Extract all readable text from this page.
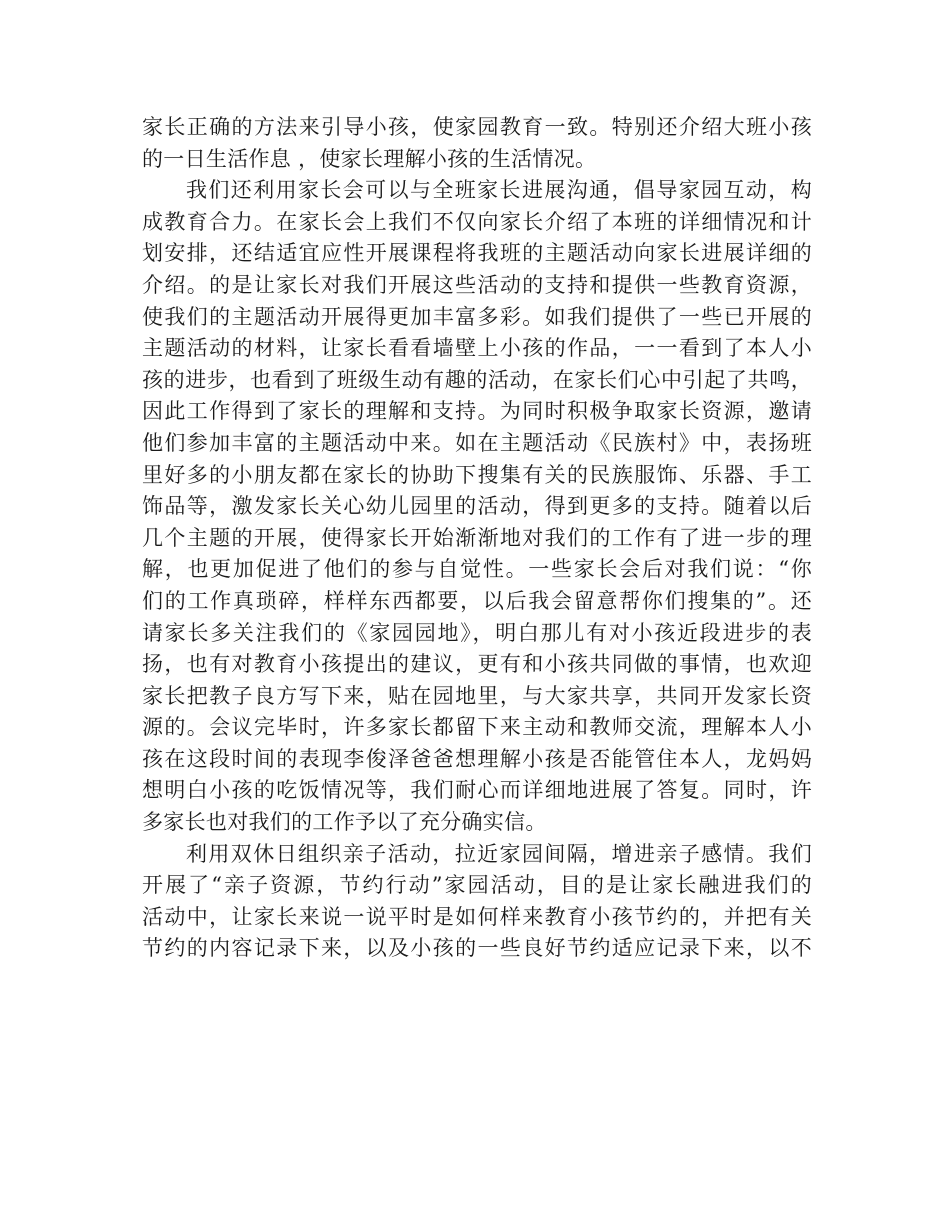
家长正确的方法来引导小孩，使家园教育一致。特别还介绍大班小孩
的一日生活作息 ，使家长理解小孩的生活情况。
我们还利用家长会可以与全班家长进展沟通，倡导家园互动，构
成教育合力。在家长会上我们不仅向家长介绍了本班的详细情况和计
划安排，还结适宜应性开展课程将我班的主题活动向家长进展详细的
介绍。的是让家长对我们开展这些活动的支持和提供一些教育资源，
使我们的主题活动开展得更加丰富多彩。如我们提供了一些已开展的
主题活动的材料，让家长看看墙壁上小孩的作品，一一看到了本人小
孩的进步，也看到了班级生动有趣的活动，在家长们心中引起了共鸣，
因此工作得到了家长的理解和支持。为同时积极争取家长资源，邀请
他们参加丰富的主题活动中来。如在主题活动《民族村》中，表扬班
里好多的小朋友都在家长的协助下搜集有关的民族服饰、乐器、手工
饰品等，激发家长关心幼儿园里的活动，得到更多的支持。随着以后
几个主题的开展，使得家长开始渐渐地对我们的工作有了进一步的理
解，也更加促进了他们的参与自觉性。一些家长会后对我们说：“你
们的工作真琐碎，样样东西都要，以后我会留意帮你们搜集的”。还
请家长多关注我们的《家园园地》，明白那儿有对小孩近段进步的表
扬，也有对教育小孩提出的建议，更有和小孩共同做的事情，也欢迎
家长把教子良方写下来，贴在园地里，与大家共享，共同开发家长资
源的。会议完毕时，许多家长都留下来主动和教师交流，理解本人小
孩在这段时间的表现李俊泽爸爸想理解小孩是否能管住本人，龙妈妈
想明白小孩的吃饭情况等，我们耐心而详细地进展了答复。同时，许
多家长也对我们的工作予以了充分确实信。
利用双休日组织亲子活动，拉近家园间隔，增进亲子感情。我们
开展了“亲子资源，节约行动”家园活动，目的是让家长融进我们的
活动中，让家长来说一说平时是如何样来教育小孩节约的，并把有关
节约的内容记录下来，以及小孩的一些良好节约适应记录下来，以不
